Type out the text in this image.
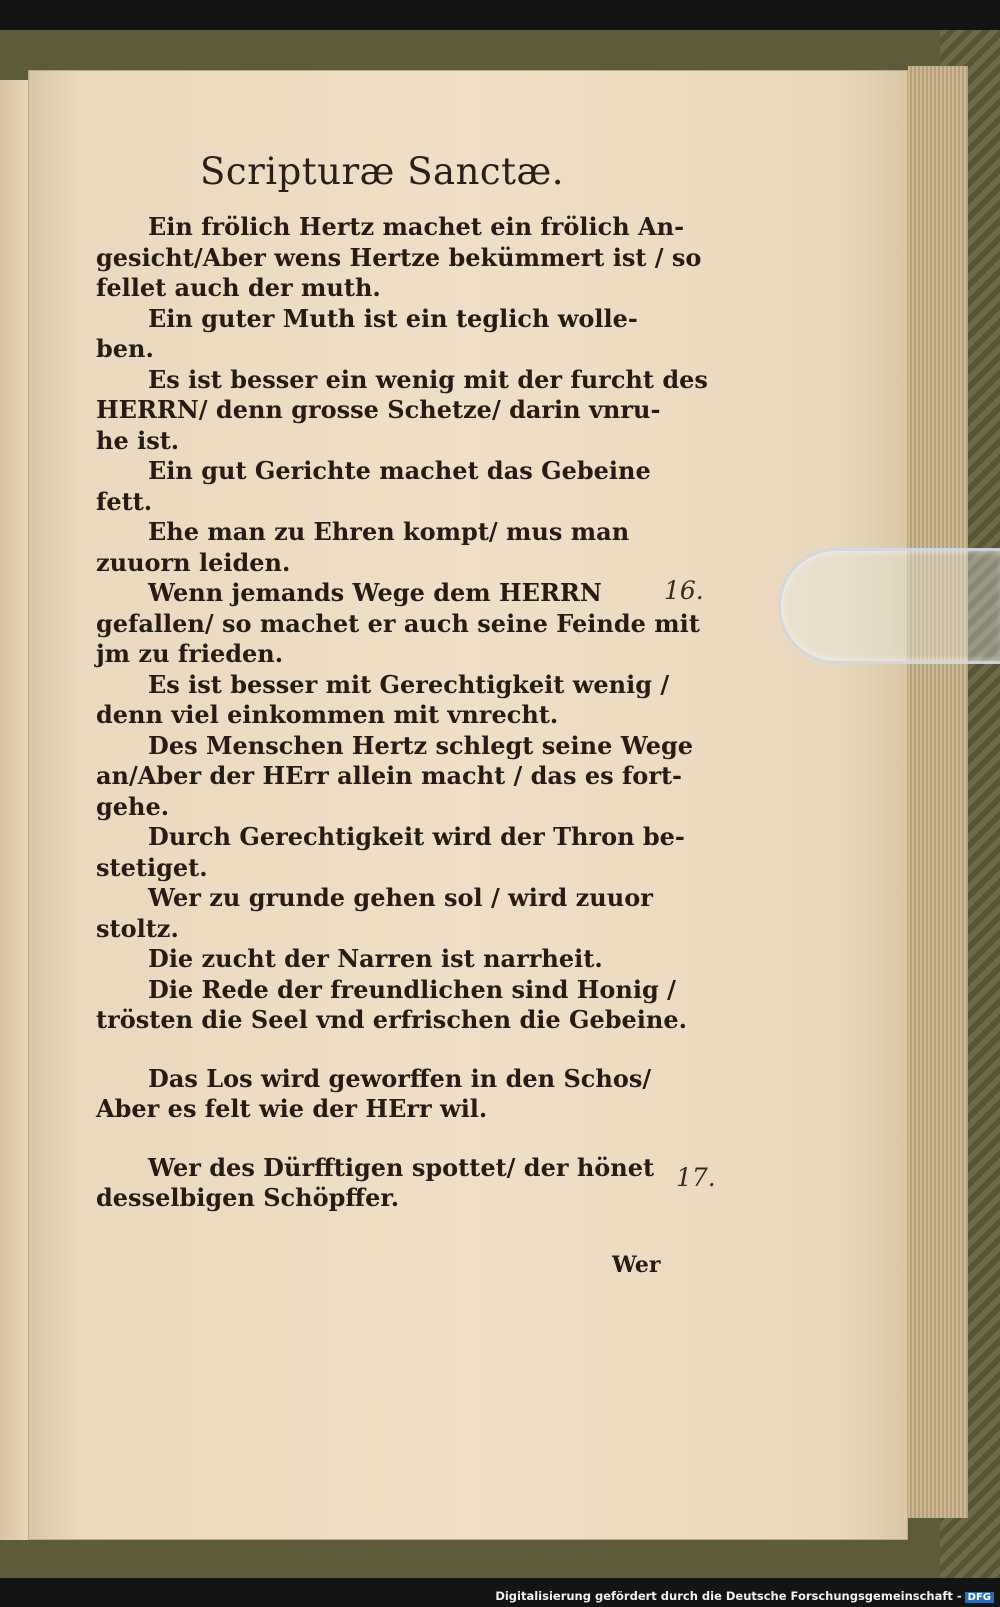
Scripturæ Sanctæ.
Ein frölich Hertz machet ein frölich An-
gesicht/Aber wens Hertze bekümmert ist / so
fellet auch der muth.
Ein guter Muth ist ein teglich wolle-
ben.
Es ist besser ein wenig mit der furcht des
HERRN/ denn grosse Schetze/ darin vnru-
he ist.
Ein gut Gerichte machet das Gebeine
fett.
Ehe man zu Ehren kompt/ mus man
zuuorn leiden.
Wenn jemands Wege dem HERRN
gefallen/ so machet er auch seine Feinde mit
jm zu frieden.
Es ist besser mit Gerechtigkeit wenig /
denn viel einkommen mit vnrecht.
Des Menschen Hertz schlegt seine Wege
an/Aber der HErr allein macht / das es fort-
gehe.
Durch Gerechtigkeit wird der Thron be-
stetiget.
Wer zu grunde gehen sol / wird zuuor
stoltz.
Die zucht der Narren ist narrheit.
Die Rede der freundlichen sind Honig /
trösten die Seel vnd erfrischen die Gebeine.
Das Los wird geworffen in den Schos/
Aber es felt wie der HErr wil.
Wer des Dürfftigen spottet/ der hönet
desselbigen Schöpffer.
16.
17.
Wer
Digitalisierung gefördert durch die Deutsche Forschungsgemeinschaft - DFG
